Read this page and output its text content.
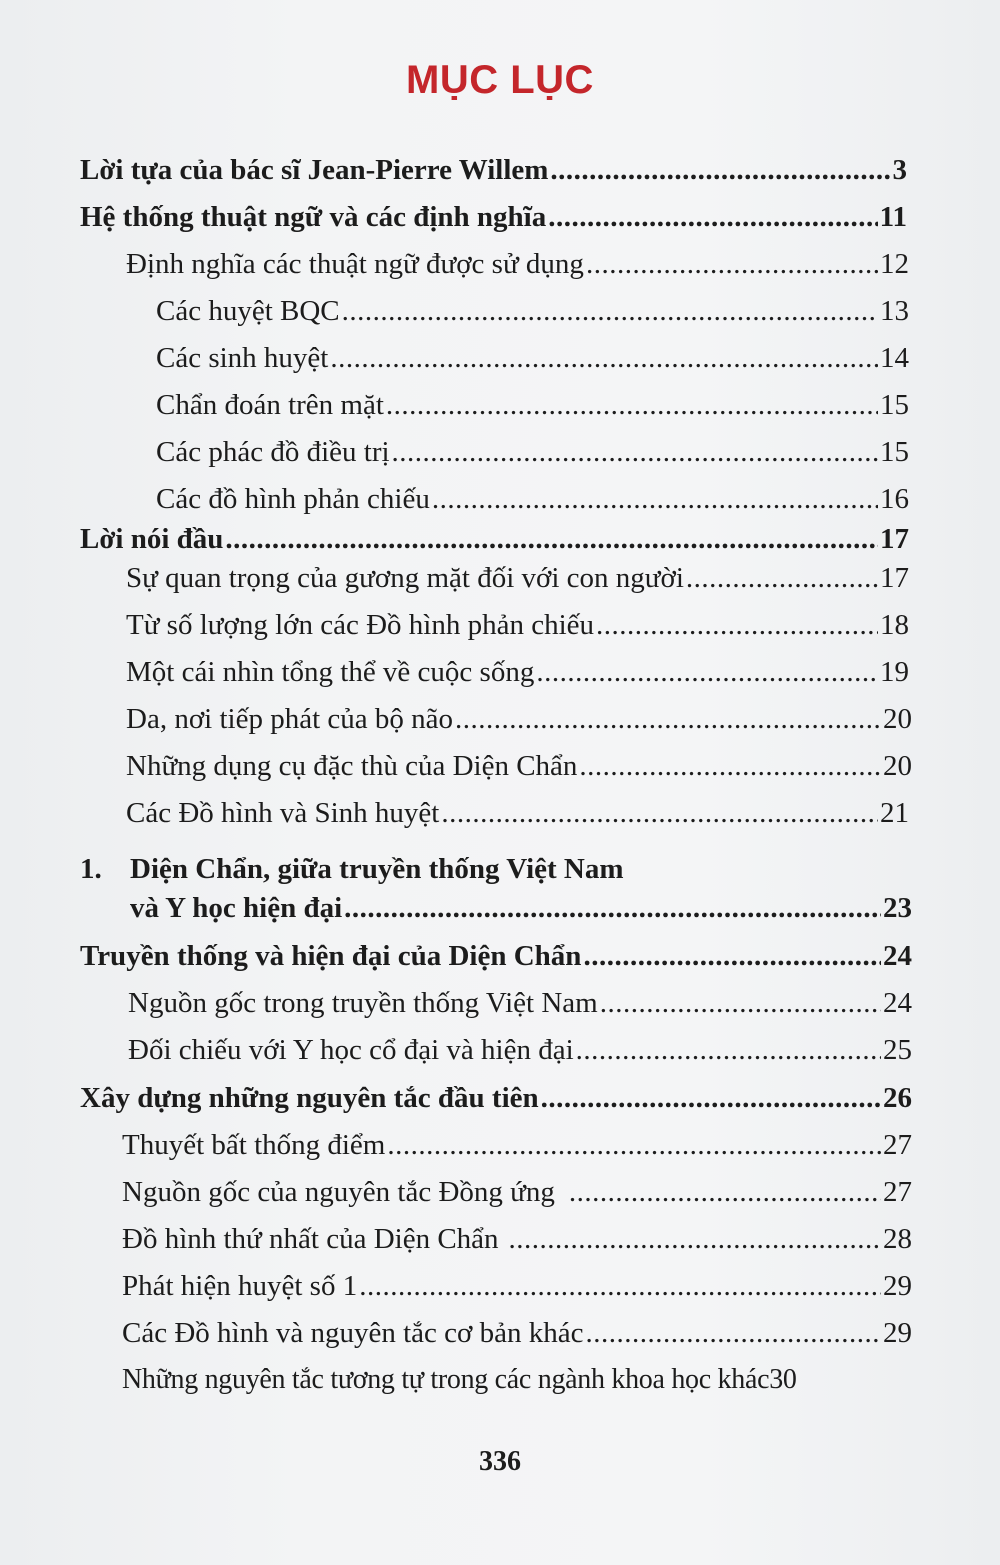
MỤC LỤC
Lời tựa của bác sĩ Jean-Pierre Willem .....	3
Hệ thống thuật ngữ và các định nghĩa .....	11
Định nghĩa các thuật ngữ được sử dụng .....	12
Các huyệt BQC .....	13
Các sinh huyệt .....	14
Chẩn đoán trên mặt .....	15
Các phác đồ điều trị .....	15
Các đồ hình phản chiếu .....	16
Lời nói đầu .....	17
Sự quan trọng của gương mặt đối với con người .....	17
Từ số lượng lớn các Đồ hình phản chiếu .....	18
Một cái nhìn tổng thể về cuộc sống .....	19
Da, nơi tiếp phát của bộ não .....	20
Những dụng cụ đặc thù của Diện Chẩn .....	20
Các Đồ hình và Sinh huyệt .....	21
1. Diện Chẩn, giữa truyền thống Việt Nam
và Y học hiện đại .....	23
Truyền thống và hiện đại của Diện Chẩn .....	24
Nguồn gốc trong truyền thống Việt Nam .....	24
Đối chiếu với Y học cổ đại và hiện đại .....	25
Xây dựng những nguyên tắc đầu tiên .....	26
Thuyết bất thống điểm .....	27
Nguồn gốc của nguyên tắc Đồng ứng .....	27
Đồ hình thứ nhất của Diện Chẩn .....	28
Phát hiện huyệt số 1 .....	29
Các Đồ hình và nguyên tắc cơ bản khác .....	29
Những nguyên tắc tương tự trong các ngành khoa học khác 30
336
